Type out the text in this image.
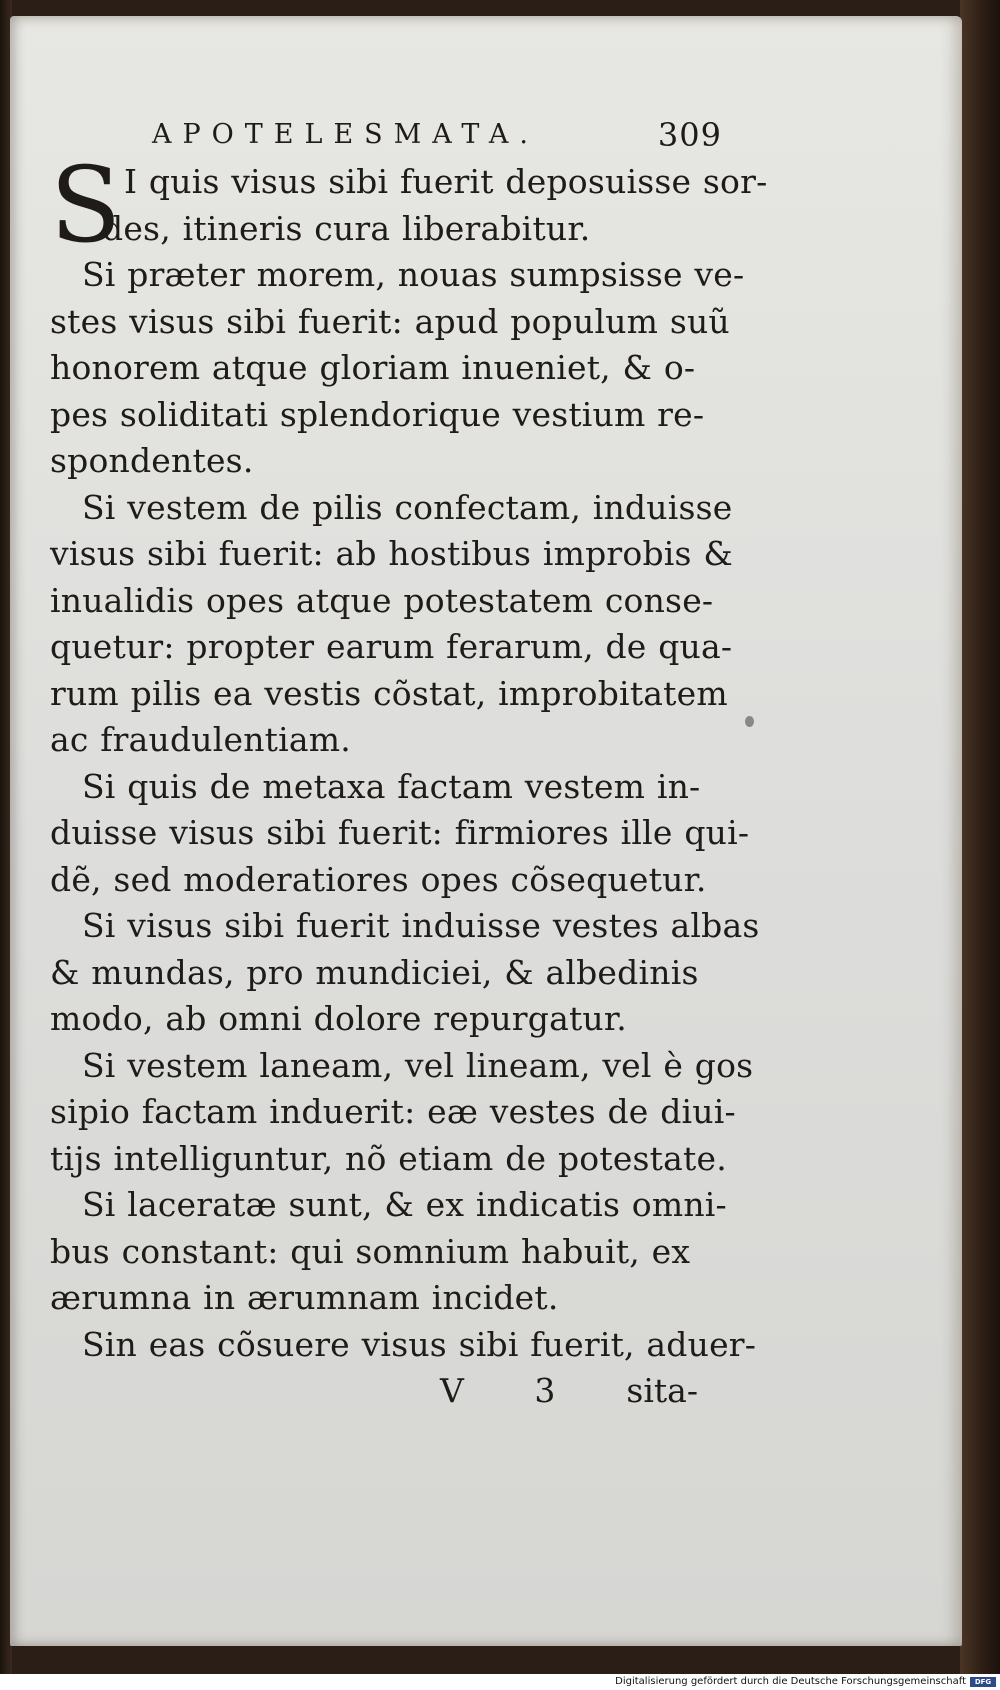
APOTELESMATA.	309
S I quis visus sibi fuerit deposuisse sor-
des, itineris cura liberabitur.
Si præter morem, nouas sumpsisse ve-
stes visus sibi fuerit: apud populum suũ
honorem atque gloriam inueniet, & o-
pes soliditati splendorique vestium re-
spondentes.
Si vestem de pilis confectam, induisse
visus sibi fuerit: ab hostibus improbis &
inualidis opes atque potestatem conse-
quetur: propter earum ferarum, de qua-
rum pilis ea vestis cõstat, improbitatem
ac fraudulentiam.
Si quis de metaxa factam vestem in-
duisse visus sibi fuerit: firmiores ille qui-
dẽ, sed moderatiores opes cõsequetur.
Si visus sibi fuerit induisse vestes albas
& mundas, pro mundiciei, & albedinis
modo, ab omni dolore repurgatur.
Si vestem laneam, vel lineam, vel è gos
sipio factam induerit: eæ vestes de diui-
tijs intelliguntur, nõ etiam de potestate.
Si laceratæ sunt, & ex indicatis omni-
bus constant: qui somnium habuit, ex
ærumna in ærumnam incidet.
Sin eas cõsuere visus sibi fuerit, aduer-
V 3 sita-
Digitalisierung gefördert durch die Deutsche Forschungsgemeinschaft	DFG
